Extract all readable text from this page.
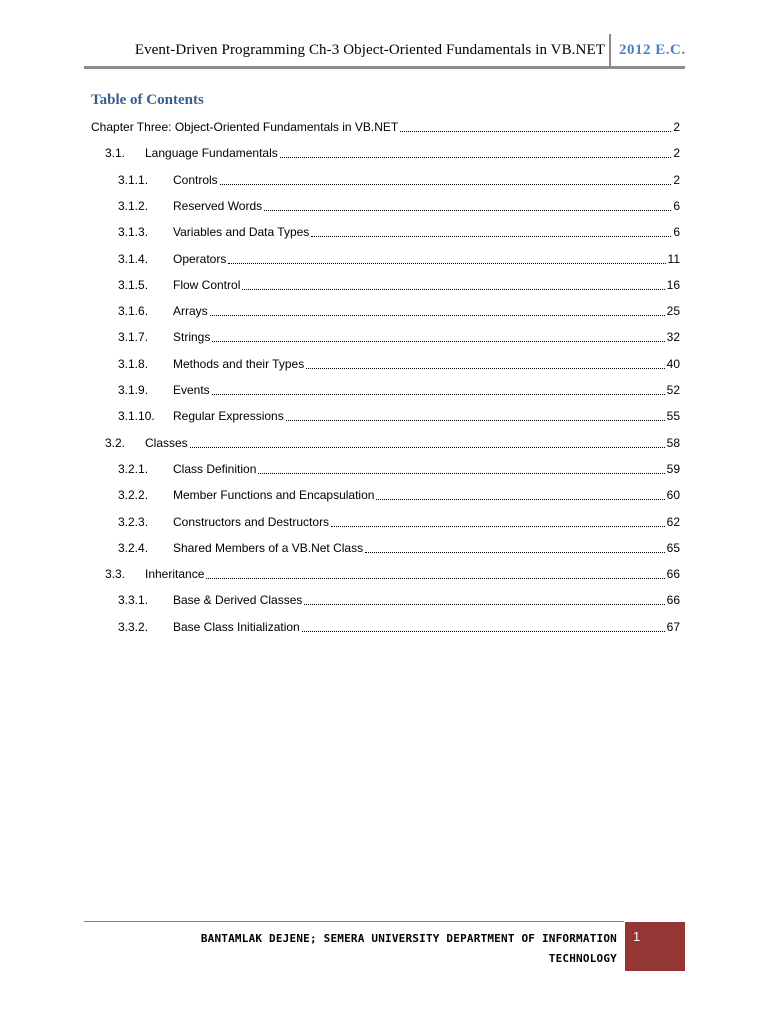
Event-Driven Programming Ch-3 Object-Oriented Fundamentals in VB.NET 2012 E.C.
Table of Contents
Chapter Three: Object-Oriented Fundamentals in VB.NET	2
3.1.	Language Fundamentals	2
3.1.1.	Controls	2
3.1.2.	Reserved Words	6
3.1.3.	Variables and Data Types	6
3.1.4.	Operators	11
3.1.5.	Flow Control	16
3.1.6.	Arrays	25
3.1.7.	Strings	32
3.1.8.	Methods and their Types	40
3.1.9.	Events	52
3.1.10.	Regular Expressions	55
3.2.	Classes	58
3.2.1.	Class Definition	59
3.2.2.	Member Functions and Encapsulation	60
3.2.3.	Constructors and Destructors	62
3.2.4.	Shared Members of a VB.Net Class	65
3.3.	Inheritance	66
3.3.1.	Base & Derived Classes	66
3.3.2.	Base Class Initialization	67
BANTAMLAK DEJENE; SEMERA UNIVERSITY DEPARTMENT OF INFORMATION
TECHNOLOGY
1
